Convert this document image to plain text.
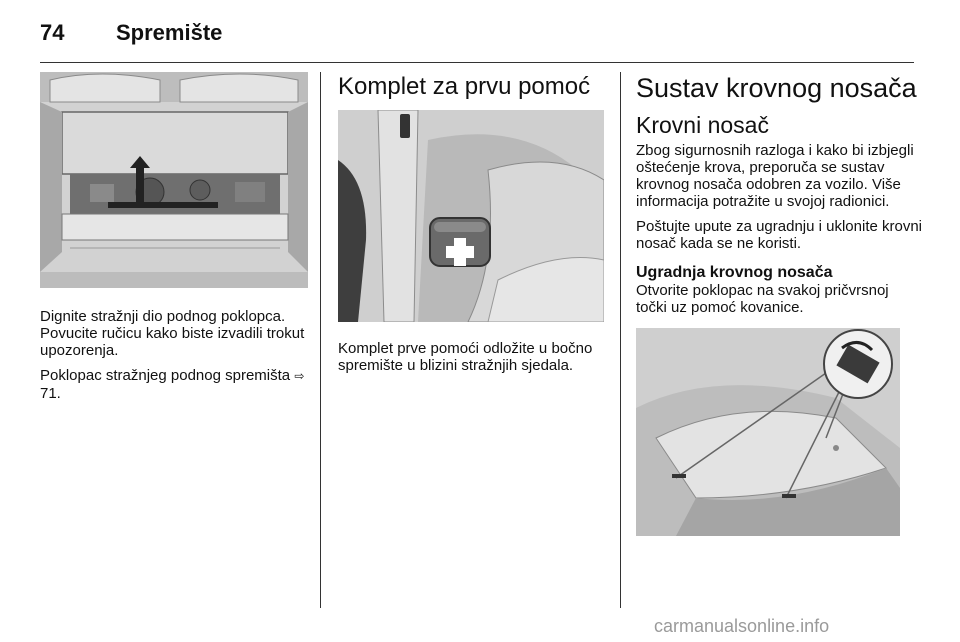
74 Spremište

Dignite stražnji dio podnog poklopca. Povucite ručicu kako biste izvadili trokut upozorenja.

Poklopac stražnjeg podnog spremišta ⇨ 71.

Komplet za prvu pomoć

Komplet prve pomoći odložite u bočno spremište u blizini stražnjih sjedala.

Sustav krovnog nosača
Krovni nosač

Zbog sigurnosnih razloga i kako bi izbjegli oštećenje krova, preporuča se sustav krovnog nosača odobren za vozilo. Više informacija potražite u svojoj radionici.

Poštujte upute za ugradnju i uklonite krovni nosač kada se ne koristi.

Ugradnja krovnog nosača

Otvorite poklopac na svakoj pričvrsnoj točki uz pomoć kovanice.

carmanualsonline.info
